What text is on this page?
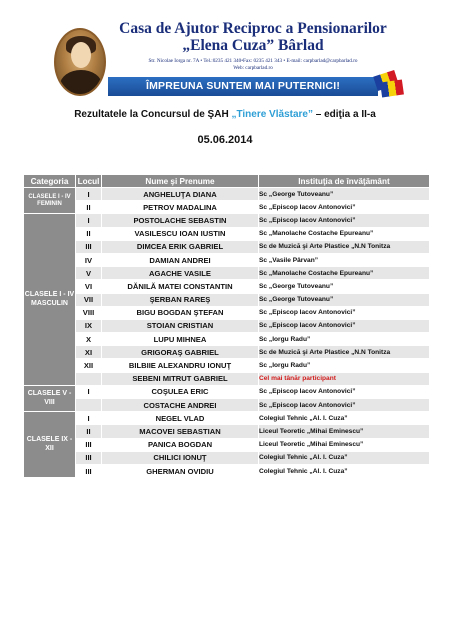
Casa de Ajutor Reciproc a Pensionarilor
„Elena Cuza” Bârlad
Str. Nicolae Iorga nr. 7A • Tel.:0235 421 340•Fax: 0235 421 343 • E-mail: carpbarlad@carpbarlad.ro
Web: carpbarlad.ro
ÎMPREUNA SUNTEM MAI PUTERNICI!
Rezultatele la Concursul de ŞAH „Tinere Vlăstare” – ediţia a II-a
05.06.2014
Categoria	Locul	Nume şi Prenume	Instituţia de învăţământ
CLASELE I - IV FEMININ	I	ANGHELUŢA DIANA	Sc „George Tutoveanu”
	II	PETROV MADALINA	Sc „Episcop Iacov Antonovici”
CLASELE I - IV MASCULIN	I	POSTOLACHE SEBASTIN	Sc „Episcop Iacov Antonovici”
	II	VASILESCU IOAN IUSTIN	Sc „Manolache Costache Epureanu”
	III	DIMCEA ERIK GABRIEL	Sc de Muzică şi Arte Plastice „N.N Tonitza
	IV	DAMIAN ANDREI	Sc „Vasile Pârvan”
	V	AGACHE VASILE	Sc „Manolache Costache Epureanu”
	VI	DĂNILĂ MATEI CONSTANTIN	Sc „George Tutoveanu”
	VII	ŞERBAN RAREŞ	Sc „George Tutoveanu”
	VIII	BIGU BOGDAN ŞTEFAN	Sc „Episcop Iacov Antonovici”
	IX	STOIAN CRISTIAN	Sc „Episcop Iacov Antonovici”
	X	LUPU MIHNEA	Sc „Iorgu Radu”
	XI	GRIGORAŞ GABRIEL	Sc de Muzică şi Arte Plastice „N.N Tonitza
	XII	BILBIIE ALEXANDRU IONUŢ	Sc „Iorgu Radu”
		SEBENI MITRUT GABRIEL	Cel mai tânăr participant
CLASELE V - VIII	I	COŞULEA ERIC	Sc „Episcop Iacov Antonovici”
		COSTACHE ANDREI	Sc „Episcop Iacov Antonovici”
CLASELE IX - XII	I	NEGEL VLAD	Colegiul Tehnic „Al. I. Cuza”
	II	MACOVEI SEBASTIAN	Liceul Teoretic „Mihai Eminescu”
	III	PANICA BOGDAN	Liceul Teoretic „Mihai Eminescu”
	III	CHILICI IONUŢ	Colegiul Tehnic „Al. I. Cuza”
	III	GHERMAN OVIDIU	Colegiul Tehnic „Al. I. Cuza”
